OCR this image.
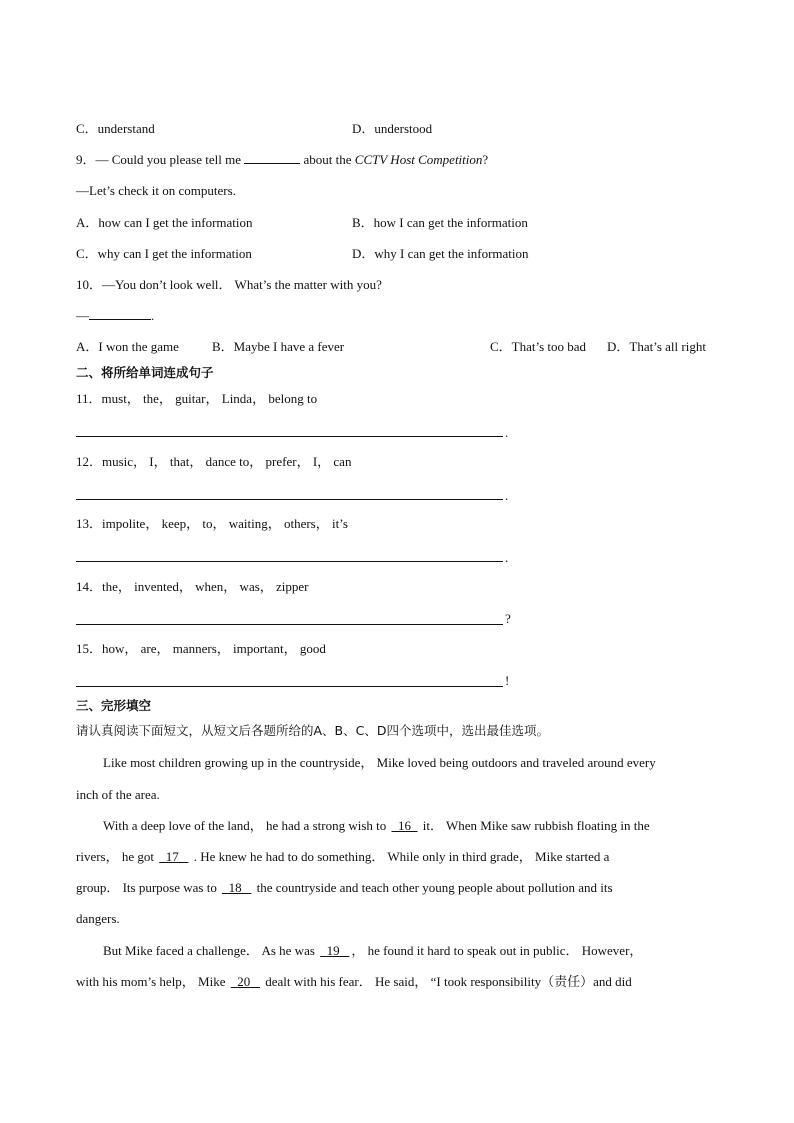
C．understand	D．understood
9．— Could you please tell me	about the CCTV Host Competition?
—Let’s check it on computers.
A．how can I get the information	B．how I can get the information
C．why can I get the information	D．why I can get the information
10．—You don’t look well． What’s the matter with you?
—	.
A．I won the game	B．Maybe I have a fever	C．That’s too bad D．That’s all right
二、将所给单词连成句子
11．must， the， guitar， Linda， belong to
.
12．music， I， that， dance to， prefer， I， can
.
13．impolite， keep， to， waiting， others， it’s
.
14．the， invented， when， was， zipper
?
15．how， are， manners， important， good
!
三、完形填空
请认真阅读下面短文，从短文后各题所给的A、B、C、D四个选项中，选出最佳选项。
Like most children growing up in the countryside， Mike loved being outdoors and traveled around every
inch of the area.
With a deep love of the land， he had a strong wish to 16 it． When Mike saw rubbish floating in the
rivers， he got 17 . He knew he had to do something． While only in third grade， Mike started a
group． Its purpose was to 18 the countryside and teach other young people about pollution and its
dangers.
But Mike faced a challenge． As he was 19 ， he found it hard to speak out in public． However，
with his mom’s help， Mike 20 dealt with his fear． He said， “I took responsibility（责任）and did
